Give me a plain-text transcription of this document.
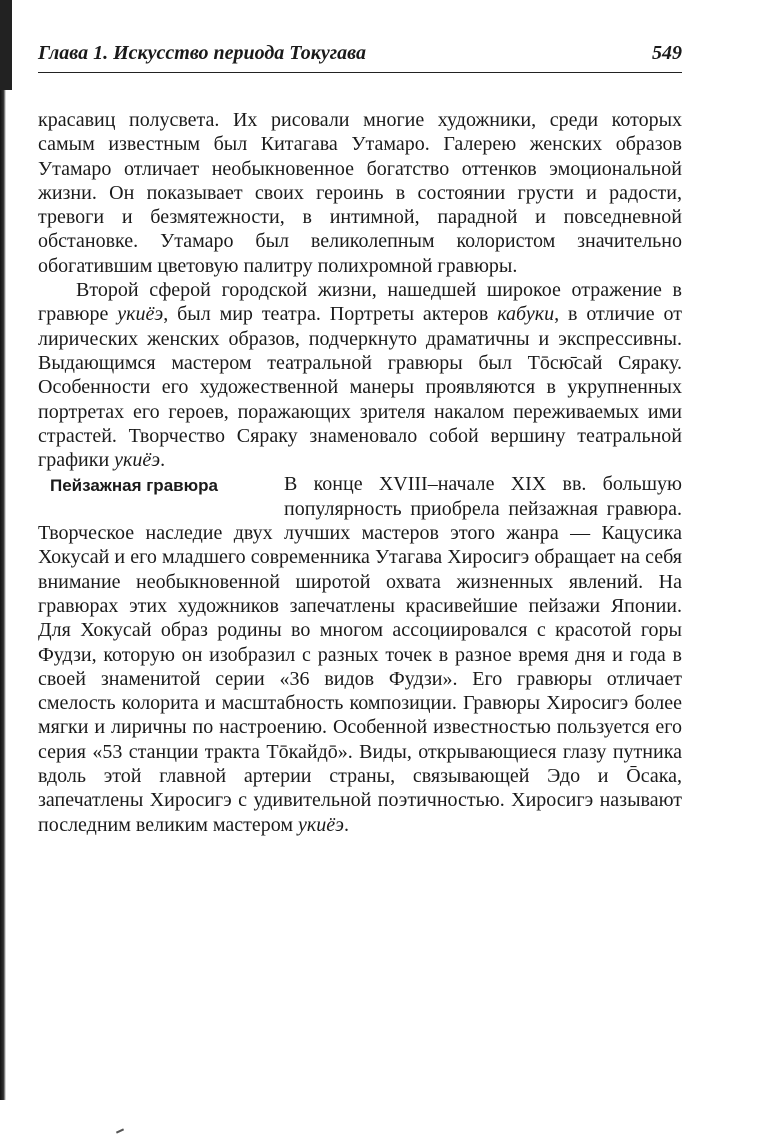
Глава 1. Искусство периода Токугава	549

красавиц полусвета. Их рисовали многие художники, среди которых самым известным был Китагава Утамаро. Галерею женских образов Утамаро отличает необыкновенное богатство оттенков эмоциональной жизни. Он показывает своих героинь в состоянии грусти и радости, тревоги и безмятежности, в интимной, парадной и повседневной обстановке. Утамаро был великолепным колористом значительно обогатившим цветовую палитру полихромной гравюры.

Второй сферой городской жизни, нашедшей широкое отражение в гравюре укиёэ, был мир театра. Портреты актеров кабуки, в отличие от лирических женских образов, подчеркнуто драматичны и экспрессивны. Выдающимся мастером театральной гравюры был Тōсю̄сай Сяраку. Особенности его художественной манеры проявляются в укрупненных портретах его героев, поражающих зрителя накалом переживаемых ими страстей. Творчество Сяраку знаменовало собой вершину театральной графики укиёэ.

Пейзажная гравюра	В конце XVIII–начале XIX вв. большую популярность приобрела пейзажная гравюра. Творческое наследие двух лучших мастеров этого жанра — Кацусика Хокусай и его младшего современника Утагава Хиросигэ обращает на себя внимание необыкновенной широтой охвата жизненных явлений. На гравюрах этих художников запечатлены красивейшие пейзажи Японии. Для Хокусай образ родины во многом ассоциировался с красотой горы Фудзи, которую он изобразил с разных точек в разное время дня и года в своей знаменитой серии «36 видов Фудзи». Его гравюры отличает смелость колорита и масштабность композиции. Гравюры Хиросигэ более мягки и лиричны по настроению. Особенной известностью пользуется его серия «53 станции тракта Тōкайдō». Виды, открывающиеся глазу путника вдоль этой главной артерии страны, связывающей Эдо и Ōсака, запечатлены Хиросигэ с удивительной поэтичностью. Хиросигэ называют последним великим мастером укиёэ.
